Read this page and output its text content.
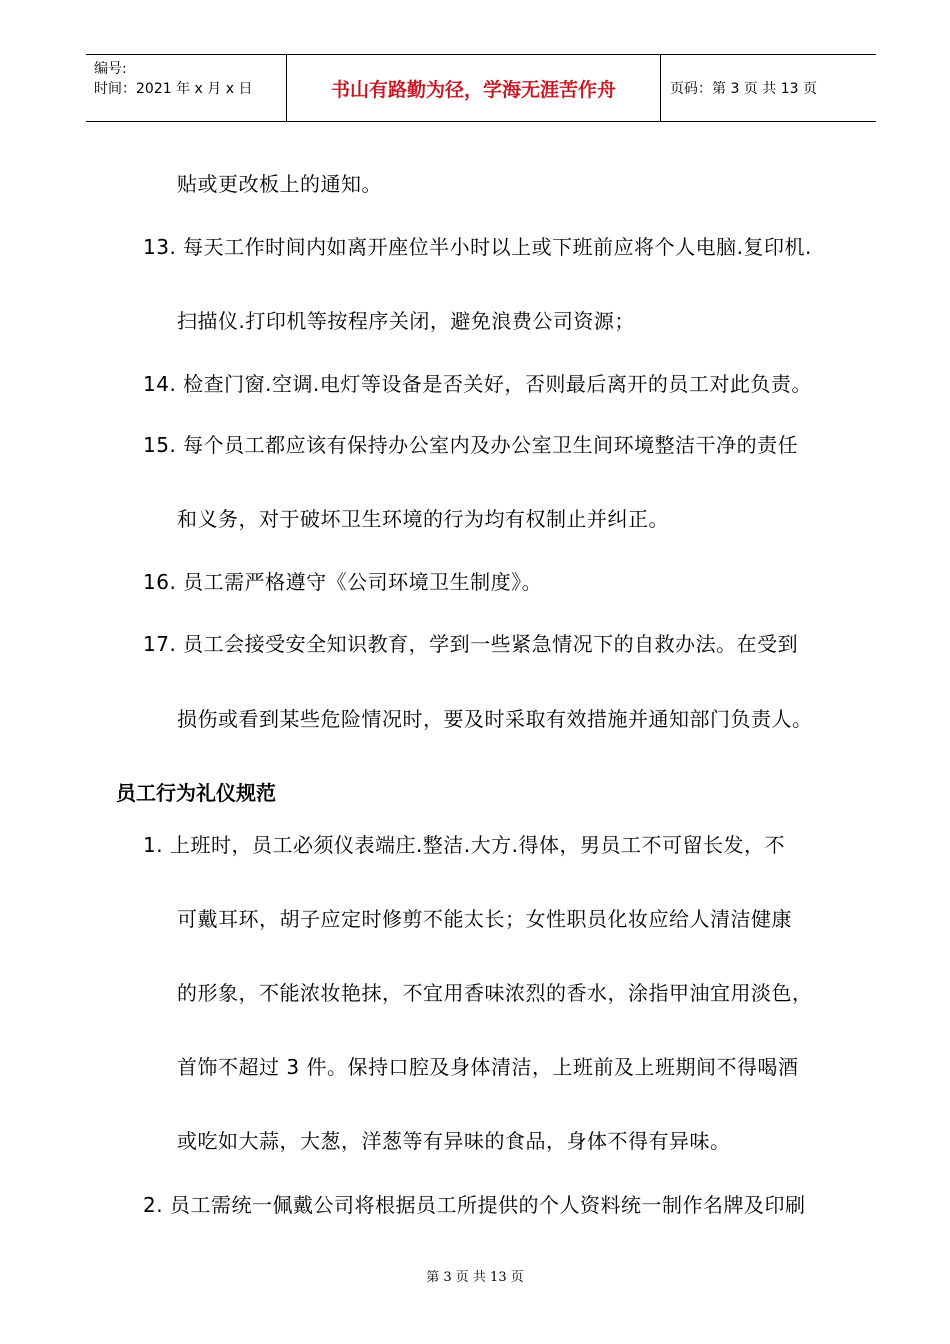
编号:
时间：2021 年 x 月 x 日	书山有路勤为径，学海无涯苦作舟	页码：第 3 页 共 13 页
贴或更改板上的通知。
13. 每天工作时间内如离开座位半小时以上或下班前应将个人电脑.复印机.
扫描仪.打印机等按程序关闭，避免浪费公司资源；
14. 检查门窗.空调.电灯等设备是否关好，否则最后离开的员工对此负责。
15. 每个员工都应该有保持办公室内及办公室卫生间环境整洁干净的责任
和义务，对于破坏卫生环境的行为均有权制止并纠正。
16. 员工需严格遵守《公司环境卫生制度》。
17. 员工会接受安全知识教育，学到一些紧急情况下的自救办法。在受到
损伤或看到某些危险情况时，要及时采取有效措施并通知部门负责人。
员工行为礼仪规范
1. 上班时，员工必须仪表端庄.整洁.大方.得体，男员工不可留长发，不
可戴耳环，胡子应定时修剪不能太长；女性职员化妆应给人清洁健康
的形象，不能浓妆艳抹，不宜用香味浓烈的香水，涂指甲油宜用淡色，
首饰不超过 3 件。保持口腔及身体清洁，上班前及上班期间不得喝酒
或吃如大蒜，大葱，洋葱等有异味的食品，身体不得有异味。
2. 员工需统一佩戴公司将根据员工所提供的个人资料统一制作名牌及印刷
第 3 页 共 13 页
